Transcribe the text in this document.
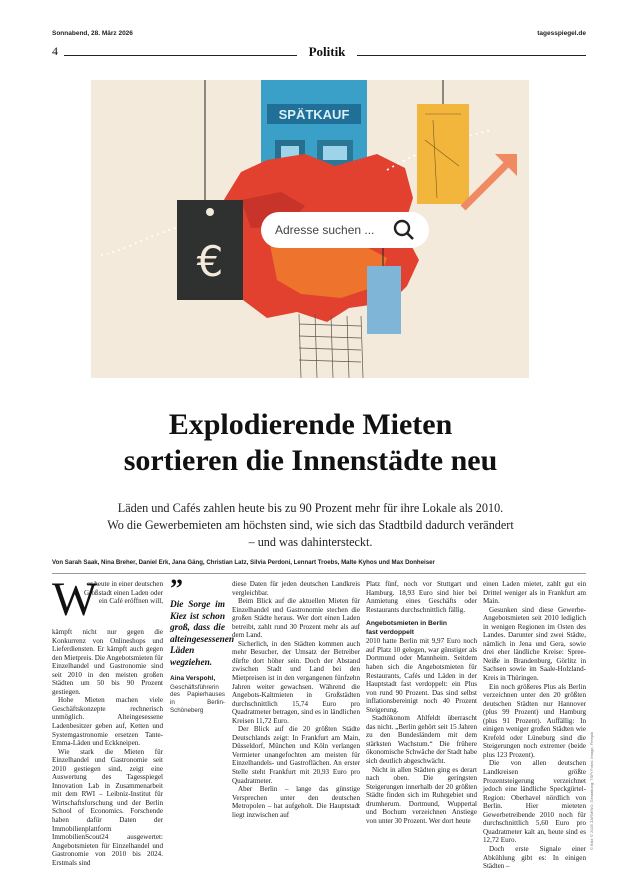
Sonnabend, 28. März 2026	tagesspiegel.de
4	Politik
SPÄTKAUF
€
Adresse suchen ...
Explodierende Mieten
sortieren die Innenstädte neu
Läden und Cafés zahlen heute bis zu 90 Prozent mehr für ihre Lokale als 2010.
Wo die Gewerbemieten am höchsten sind, wie sich das Stadtbild dadurch verändert
– und was dahintersteckt.
Von Sarah Saak, Nina Breher, Daniel Erk, Jana Gäng, Christian Latz, Silvia Perdoni, Lennart Troebs, Malte Kyhos und Max Donheiser
W

er heute in einer deutschen Großstadt einen Laden oder ein Café eröffnen will,

kämpft nicht nur gegen die Konkurrenz von Onlineshops und Lieferdiensten. Er kämpft auch gegen den Mietpreis. Die Angebotsmieten für Einzelhandel und Gastronomie sind seit 2010 in den meisten großen Städten um 50 bis 90 Prozent gestiegen.

Hohe Mieten machen viele Geschäftskonzepte rechnerisch unmöglich. Alteingesessene Ladenbesitzer geben auf, Ketten und Systemgastronomie ersetzen Tante-Emma-Läden und Eckkneipen.

Wie stark die Mieten für Einzelhandel und Gastronomie seit 2010 gestiegen sind, zeigt eine Auswertung des Tagesspiegel Innovation Lab in Zusammenarbeit mit dem RWI – Leibniz-Institut für Wirtschaftsforschung und der Berlin School of Economics. Forschende haben dafür Daten der Immobilienplattform ImmobilienScout24 ausgewertet: Angebotsmieten für Einzelhandel und Gastronomie von 2010 bis 2024. Erstmals sind

”
Die Sorge im Kiez ist schon groß, dass die alteingesessenen Läden wegziehen.
Aina Verspohl,
Geschäftsführerin des Papierhauses in Berlin-Schöneberg

diese Daten für jeden deutschen Landkreis vergleichbar.

Beim Blick auf die aktuellen Mieten für Einzelhandel und Gastronomie stechen die großen Städte heraus. Wer dort einen Laden betreibt, zahlt rund 30 Prozent mehr als auf dem Land.

Sicherlich, in den Städten kommen auch mehr Besucher, der Umsatz der Betreiber dürfte dort höher sein. Doch der Abstand zwischen Stadt und Land bei den Mietpreisen ist in den vergangenen fünfzehn Jahren weiter gewachsen. Während die Angebots-Kaltmieten in Großstädten durchschnittlich 15,74 Euro pro Quadratmeter betragen, sind es in ländlichen Kreisen 11,72 Euro.

Der Blick auf die 20 größten Städte Deutschlands zeigt: In Frankfurt am Main, Düsseldorf, München und Köln verlangen Vermieter unangefochten am meisten für Einzelhandels- und Gastroflächen. An erster Stelle steht Frankfurt mit 20,93 Euro pro Quadratmeter.

Aber Berlin – lange das günstige Versprechen unter den deutschen Metropolen – hat aufgeholt. Die Hauptstadt liegt inzwischen auf

Platz fünf, noch vor Stuttgart und Hamburg. 18,93 Euro sind hier bei Anmietung eines Geschäfts oder Restaurants durchschnittlich fällig.

Angebotsmieten in Berlin
fast verdoppelt

2010 hatte Berlin mit 9,97 Euro noch auf Platz 10 gelegen, war günstiger als Dortmund oder Mannheim. Seitdem haben sich die Angebotsmieten für Restaurants, Cafés und Läden in der Hauptstadt fast verdoppelt: ein Plus von rund 90 Prozent. Das sind selbst inflationsbereinigt noch 40 Prozent Steigerung.

Stadtökonom Ahlfeldt überrascht das nicht. „Berlin gehört seit 15 Jahren zu den Bundesländern mit dem stärksten Wachstum.“ Die frühere ökonomische Schwäche der Stadt habe sich deutlich abgeschwächt.

Nicht in allen Städten ging es derart nach oben. Die geringsten Steigerungen innerhalb der 20 größten Städte finden sich im Ruhrgebiet und drumherum. Dortmund, Wuppertal und Bochum verzeichnen Anstiege von unter 30 Prozent. Wer dort heute

einen Laden mietet, zahlt gut ein Drittel weniger als in Frankfurt am Main.

Gesunken sind diese Gewerbe-Angebotsmieten seit 2010 lediglich in wenigen Regionen im Osten des Landes. Darunter sind zwei Städte, nämlich in Jena und Gera, sowie drei eher ländliche Kreise: Spree-Neiße in Brandenburg, Görlitz in Sachsen sowie im Saale-Holzland-Kreis in Thüringen.

Ein noch größeres Plus als Berlin verzeichnen unter den 20 größten deutschen Städten nur Hannover (plus 99 Prozent) und Hamburg (plus 91 Prozent). Auffällig: In einigen weniger großen Städten wie Krefeld oder Lüneburg sind die Steigerungen noch extremer (beide plus 123 Prozent).

Die von allen deutschen Landkreisen größte Prozentsteigerung verzeichnet jedoch eine ländliche Speckgürtel-Region: Oberhavel nördlich von Berlin. Hier mieteten Gewerbetreibende 2010 noch für durchschnittlich 5,60 Euro pro Quadratmeter kalt an, heute sind es 12,72 Euro.

Doch erste Signale einer Abkühlung gibt es: In einigen Städten –

© Bild: © 2025 ZARMINO, Gestaltung: TSP/ Fotos: Imago, Freepik
